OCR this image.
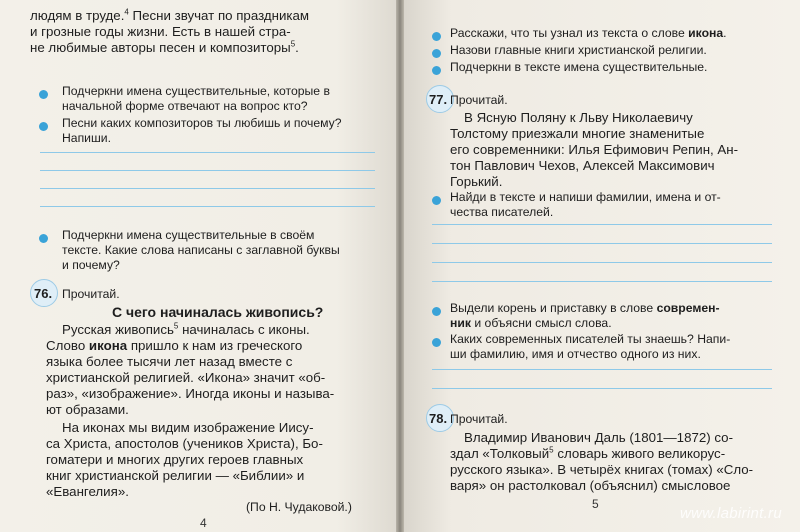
людям в труде.$^4$ Песни звучат по праздникам
и грозные годы жизни. Есть в нашей стра-
не любимые авторы песен и композиторы$^5$.
Подчеркни имена существительные, которые в
начальной форме отвечают на вопрос кто?
Песни каких композиторов ты любишь и почему?
Напиши.
Подчеркни имена существительные в своём
тексте. Какие слова написаны с заглавной буквы
и почему?
76. Прочитай.
С чего начиналась живопись?
Русская живопись$^5$ начиналась с иконы.
Слово икона пришло к нам из греческого
языка более тысячи лет назад вместе с
христианской религией. «Икона» значит «об-
раз», «изображение». Иногда иконы и называ-
ют образами.
На иконах мы видим изображение Иису-
са Христа, апостолов (учеников Христа), Бо-
гоматери и многих других героев главных
книг христианской религии — «Библии» и
«Евангелия».
(По Н. Чудаковой.)
4
Расскажи, что ты узнал из текста о слове икона.
Назови главные книги христианской религии.
Подчеркни в тексте имена существительные.
77. Прочитай.
В Ясную Поляну к Льву Николаевичу
Толстому приезжали многие знаменитые
его современники: Илья Ефимович Репин, Ан-
тон Павлович Чехов, Алексей Максимович
Горький.
Найди в тексте и напиши фамилии, имена и от-
чества писателей.
Выдели корень и приставку в слове современ-
ник и объясни смысл слова.
Каких современных писателей ты знаешь? Напи-
ши фамилию, имя и отчество одного из них.
78. Прочитай.
Владимир Иванович Даль (1801—1872) со-
здал «Толковый$^5$ словарь живого великорус-
русского языка». В четырёх книгах (томах) «Сло-
варя» он растолковал (объяснил) смысловое
5
www.labirint.ru
